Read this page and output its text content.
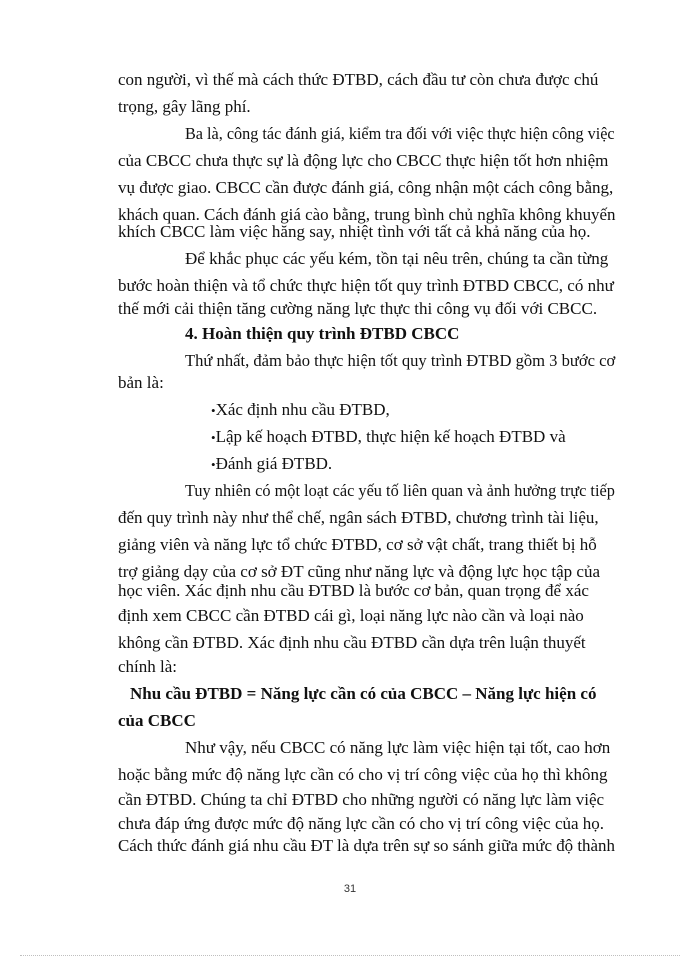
con người, vì thế mà cách thức ĐTBD, cách đầu tư còn chưa được chú
trọng, gây lãng phí.
Ba là, công tác đánh giá, kiểm tra đối với việc thực hiện công việc
của CBCC chưa thực sự là động lực cho CBCC thực hiện tốt hơn nhiệm
vụ được giao. CBCC cần được đánh giá, công nhận một cách công bằng,
khách quan. Cách đánh giá cào bằng, trung bình chủ nghĩa không khuyến
khích CBCC làm việc hăng say, nhiệt tình với tất cả khả năng của họ.
Để khắc phục các yếu kém, tồn tại nêu trên, chúng ta cần từng
bước hoàn thiện và tổ chức thực hiện tốt quy trình ĐTBD CBCC, có như
thế mới cải thiện tăng cường năng lực thực thi công vụ đối với CBCC.
4. Hoàn thiện quy trình ĐTBD CBCC
Thứ nhất, đảm bảo thực hiện tốt quy trình ĐTBD gồm 3 bước cơ
bản là:
•Xác định nhu cầu ĐTBD,
•Lập kế hoạch ĐTBD, thực hiện kế hoạch ĐTBD và
•Đánh giá ĐTBD.
Tuy nhiên có một loạt các yếu tố liên quan và ảnh hưởng trực tiếp
đến quy trình này như thể chế, ngân sách ĐTBD, chương trình tài liệu,
giảng viên và năng lực tổ chức ĐTBD, cơ sở vật chất, trang thiết bị hỗ
trợ giảng dạy của cơ sở ĐT cũng như năng lực và động lực học tập của
học viên. Xác định nhu cầu ĐTBD là bước cơ bản, quan trọng để xác
định xem CBCC cần ĐTBD cái gì, loại năng lực nào cần và loại nào
không cần ĐTBD. Xác định nhu cầu ĐTBD cần dựa trên luận thuyết
chính là:
Nhu cầu ĐTBD = Năng lực cần có của CBCC – Năng lực hiện có
của CBCC
Như vậy, nếu CBCC có năng lực làm việc hiện tại tốt, cao hơn
hoặc bằng mức độ năng lực cần có cho vị trí công việc của họ thì không
cần ĐTBD. Chúng ta chỉ ĐTBD cho những người có năng lực làm việc
chưa đáp ứng được mức độ năng lực cần có cho vị trí công việc của họ.
Cách thức đánh giá nhu cầu ĐT là dựa trên sự so sánh giữa mức độ thành
31
